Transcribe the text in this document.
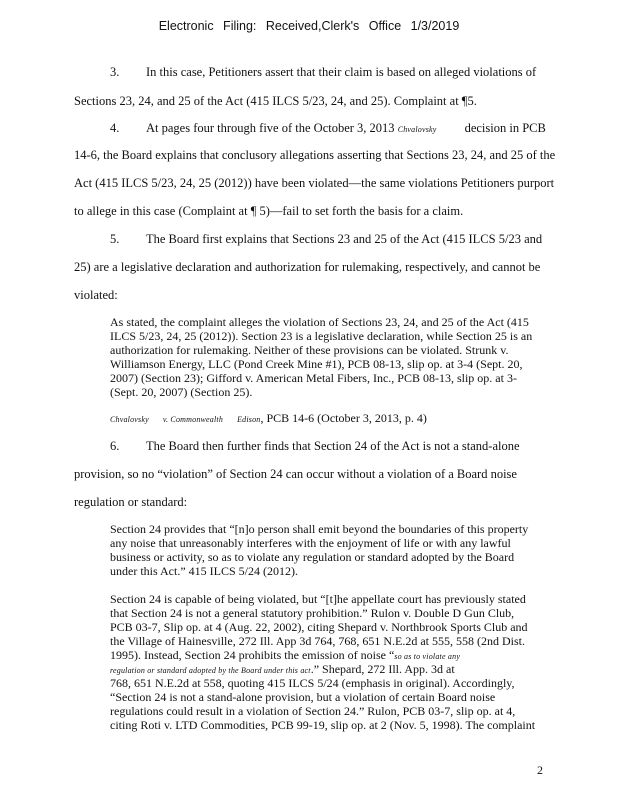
Electronic Filing: Received,Clerk's Office 1/3/2019
3. In this case, Petitioners assert that their claim is based on alleged violations of
Sections 23, 24, and 25 of the Act (415 ILCS 5/23, 24, and 25). Complaint at ¶5.
4. At pages four through five of the October 3, 2013 Chvalovsky decision in PCB
14-6, the Board explains that conclusory allegations asserting that Sections 23, 24, and 25 of the
Act (415 ILCS 5/23, 24, 25 (2012)) have been violated—the same violations Petitioners purport
to allege in this case (Complaint at ¶ 5)—fail to set forth the basis for a claim.
5. The Board first explains that Sections 23 and 25 of the Act (415 ILCS 5/23 and
25) are a legislative declaration and authorization for rulemaking, respectively, and cannot be
violated:
As stated, the complaint alleges the violation of Sections 23, 24, and 25 of the Act (415
ILCS 5/23, 24, 25 (2012)). Section 23 is a legislative declaration, while Section 25 is an
authorization for rulemaking. Neither of these provisions can be violated. Strunk v.
Williamson Energy, LLC (Pond Creek Mine #1), PCB 08-13, slip op. at 3-4 (Sept. 20,
2007) (Section 23); Gifford v. American Metal Fibers, Inc., PCB 08-13, slip op. at 3-
(Sept. 20, 2007) (Section 25).
Chvalovsky v. Commonwealth Edison, PCB 14-6 (October 3, 2013, p. 4)
6. The Board then further finds that Section 24 of the Act is not a stand-alone
provision, so no “violation” of Section 24 can occur without a violation of a Board noise
regulation or standard:
Section 24 provides that “[n]o person shall emit beyond the boundaries of this property
any noise that unreasonably interferes with the enjoyment of life or with any lawful
business or activity, so as to violate any regulation or standard adopted by the Board
under this Act.” 415 ILCS 5/24 (2012).
Section 24 is capable of being violated, but “[t]he appellate court has previously stated
that Section 24 is not a general statutory prohibition.” Rulon v. Double D Gun Club,
PCB 03-7, Slip op. at 4 (Aug. 22, 2002), citing Shepard v. Northbrook Sports Club and
the Village of Hainesville, 272 Ill. App 3d 764, 768, 651 N.E.2d at 555, 558 (2nd Dist.
1995). Instead, Section 24 prohibits the emission of noise “so as to violate any
regulation or standard adopted by the Board under this act.” Shepard, 272 Ill. App. 3d at
768, 651 N.E.2d at 558, quoting 415 ILCS 5/24 (emphasis in original). Accordingly,
“Section 24 is not a stand-alone provision, but a violation of certain Board noise
regulations could result in a violation of Section 24.” Rulon, PCB 03-7, slip op. at 4,
citing Roti v. LTD Commodities, PCB 99-19, slip op. at 2 (Nov. 5, 1998). The complaint
2
